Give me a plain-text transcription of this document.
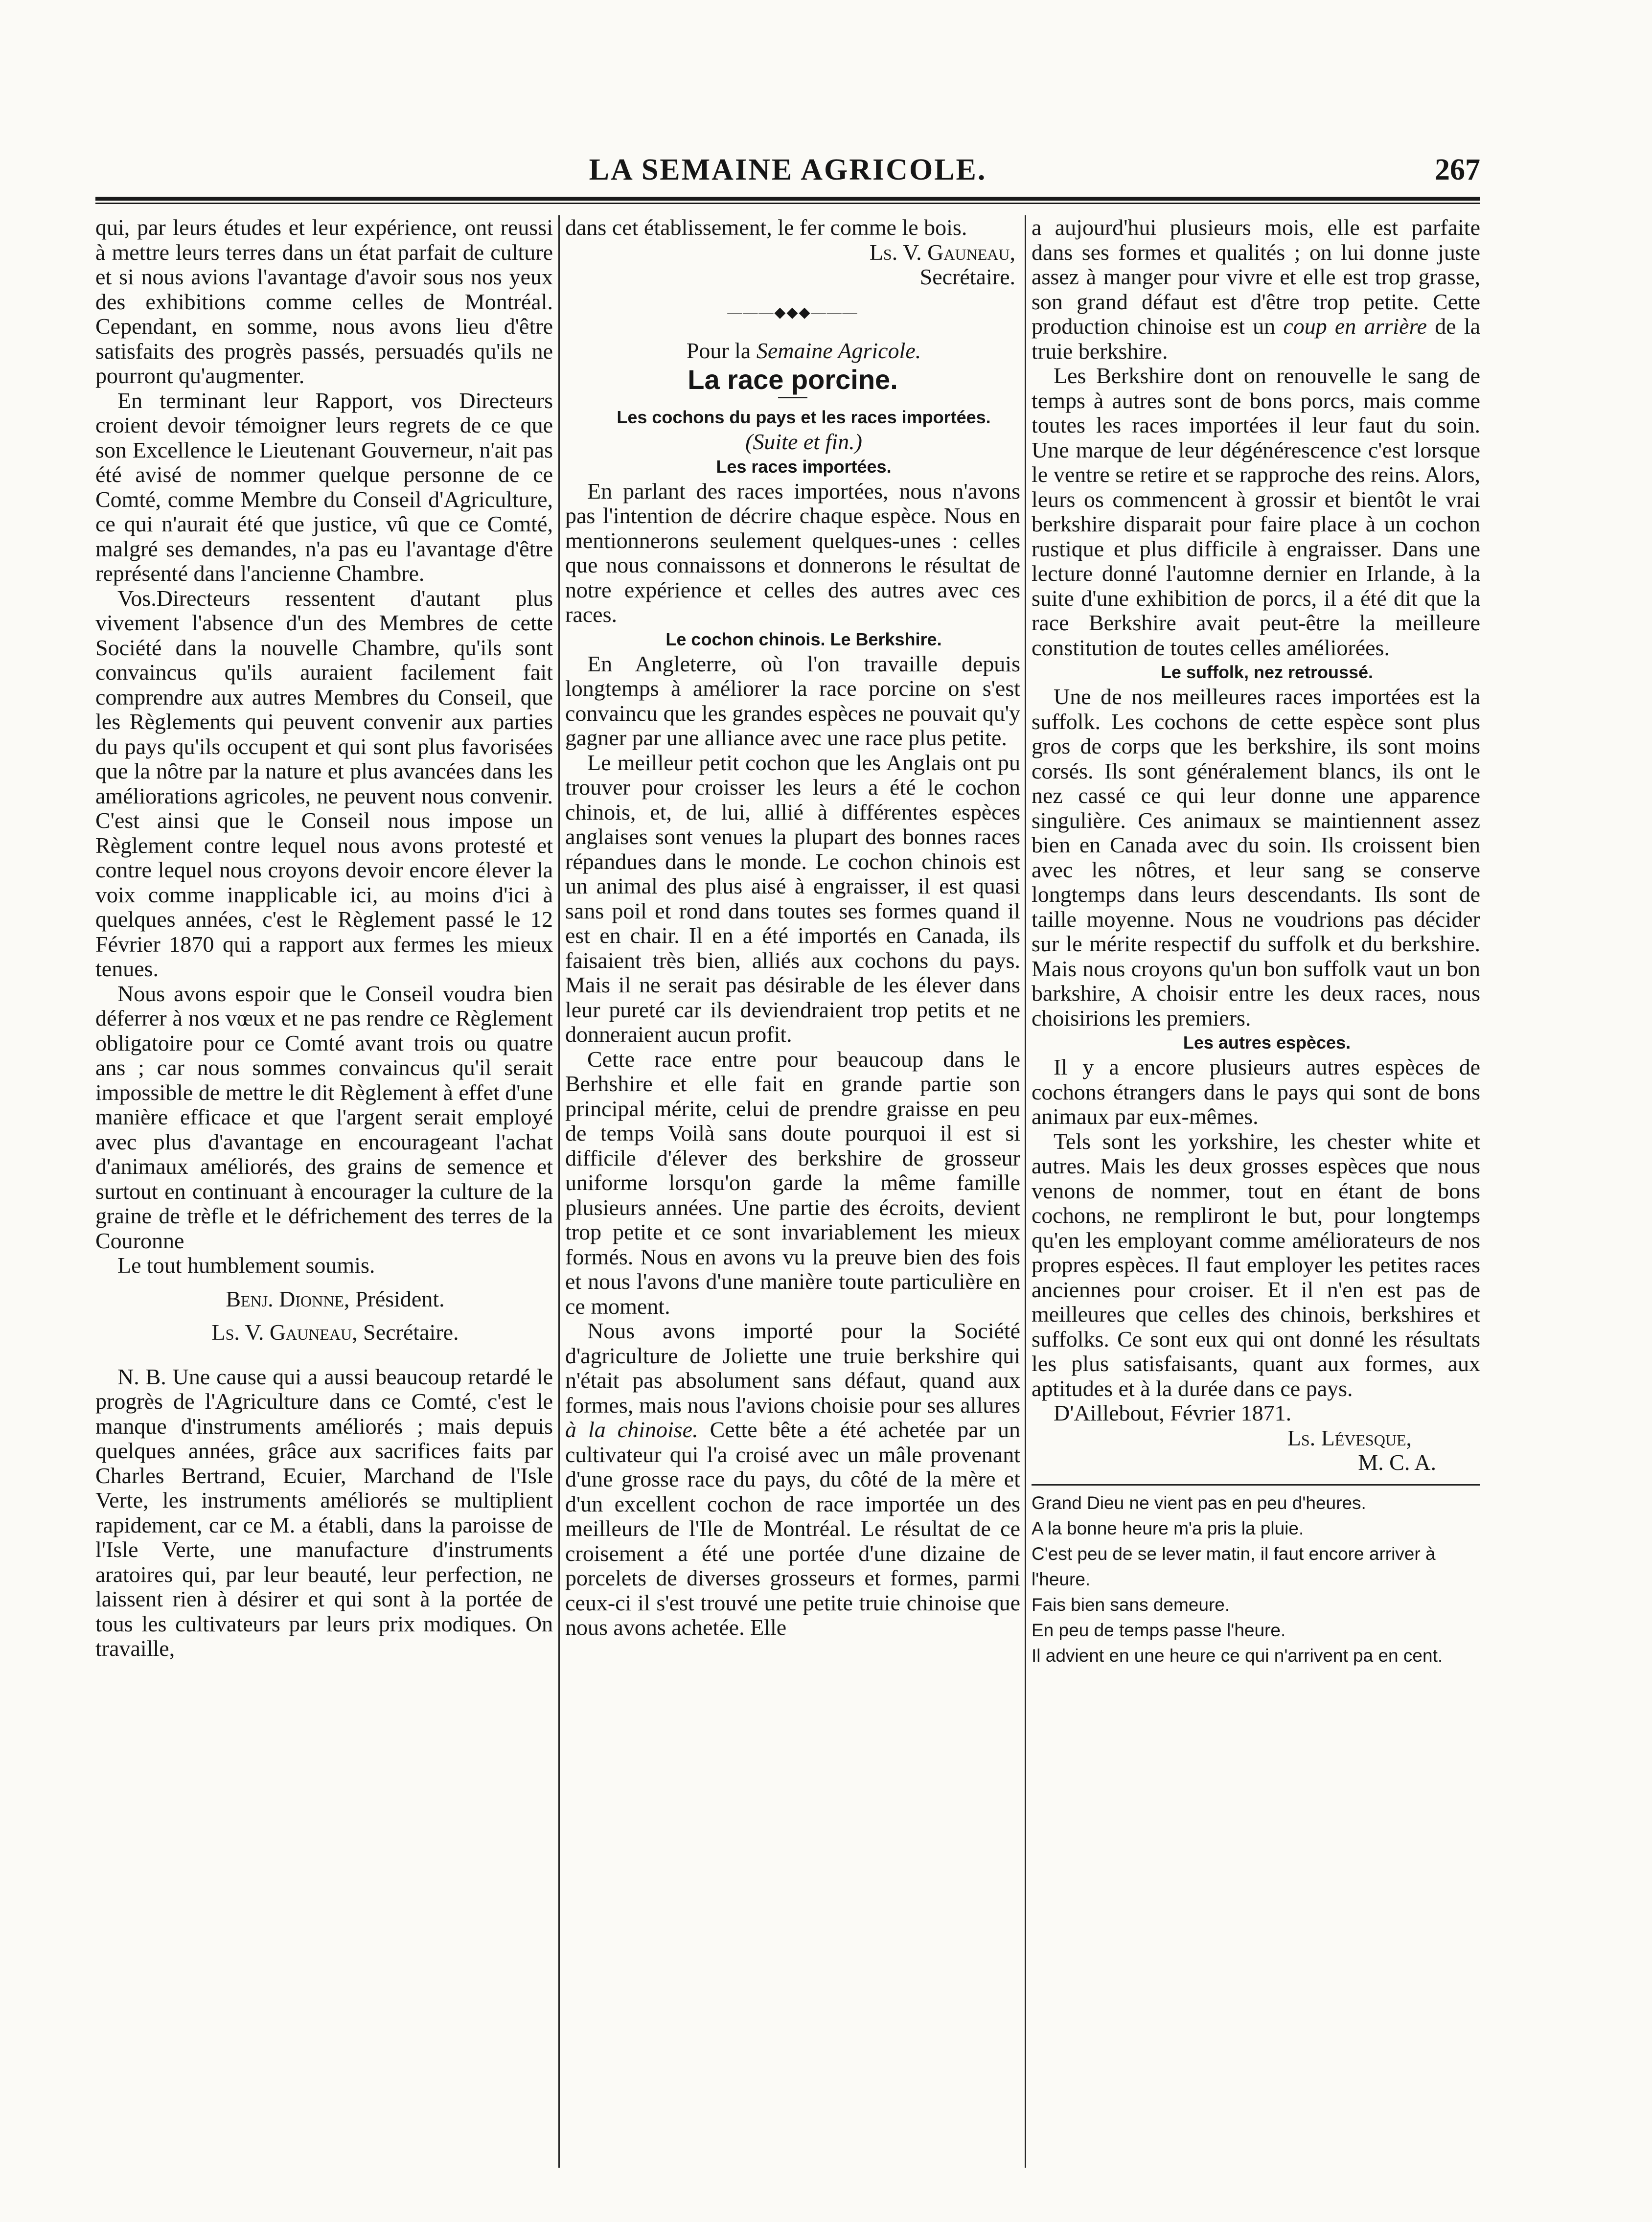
LA SEMAINE AGRICOLE.	267

qui, par leurs études et leur expérience, ont reussi à mettre leurs terres dans un état parfait de culture et si nous avions l'avantage d'avoir sous nos yeux des exhibitions comme celles de Montréal. Cependant, en somme, nous avons lieu d'être satisfaits des progrès passés, persuadés qu'ils ne pourront qu'augmenter.

En terminant leur Rapport, vos Directeurs croient devoir témoigner leurs regrets de ce que son Excellence le Lieutenant Gouverneur, n'ait pas été avisé de nommer quelque personne de ce Comté, comme Membre du Conseil d'Agriculture, ce qui n'aurait été que justice, vû que ce Comté, malgré ses demandes, n'a pas eu l'avantage d'être représenté dans l'ancienne Chambre.

Vos.Directeurs ressentent d'autant plus vivement l'absence d'un des Membres de cette Société dans la nouvelle Chambre, qu'ils sont convaincus qu'ils auraient facilement fait comprendre aux autres Membres du Conseil, que les Règlements qui peuvent convenir aux parties du pays qu'ils occupent et qui sont plus favorisées que la nôtre par la nature et plus avancées dans les améliorations agricoles, ne peuvent nous convenir. C'est ainsi que le Conseil nous impose un Règlement contre lequel nous avons protesté et contre lequel nous croyons devoir encore élever la voix comme inapplicable ici, au moins d'ici à quelques années, c'est le Règlement passé le 12 Février 1870 qui a rapport aux fermes les mieux tenues.

Nous avons espoir que le Conseil voudra bien déferrer à nos vœux et ne pas rendre ce Règlement obligatoire pour ce Comté avant trois ou quatre ans ; car nous sommes convaincus qu'il serait impossible de mettre le dit Règlement à effet d'une manière efficace et que l'argent serait employé avec plus d'avantage en encourageant l'achat d'animaux améliorés, des grains de semence et surtout en continuant à encourager la culture de la graine de trèfle et le défrichement des terres de la Couronne

Le tout humblement soumis.

Benj. Dionne, Président.

Ls. V. Gauneau, Secrétaire.

N. B. Une cause qui a aussi beaucoup retardé le progrès de l'Agriculture dans ce Comté, c'est le manque d'instruments améliorés ; mais depuis quelques années, grâce aux sacrifices faits par Charles Bertrand, Ecuier, Marchand de l'Isle Verte, les instruments améliorés se multiplient rapidement, car ce M. a établi, dans la paroisse de l'Isle Verte, une manufacture d'instruments aratoires qui, par leur beauté, leur perfection, ne laissent rien à désirer et qui sont à la portée de tous les cultivateurs par leurs prix modiques. On travaille,

dans cet établissement, le fer comme le bois.

Ls. V. Gauneau,

Secrétaire.

———◆◆◆———

Pour la Semaine Agricole.

La race porcine.

Les cochons du pays et les races importées.

(Suite et fin.)

Les races importées.

En parlant des races importées, nous n'avons pas l'intention de décrire chaque espèce. Nous en mentionnerons seulement quelques-unes : celles que nous connaissons et donnerons le résultat de notre expérience et celles des autres avec ces races.

Le cochon chinois. Le Berkshire.

En Angleterre, où l'on travaille depuis longtemps à améliorer la race porcine on s'est convaincu que les grandes espèces ne pouvait qu'y gagner par une alliance avec une race plus petite.

Le meilleur petit cochon que les Anglais ont pu trouver pour croisser les leurs a été le cochon chinois, et, de lui, allié à différentes espèces anglaises sont venues la plupart des bonnes races répandues dans le monde. Le cochon chinois est un animal des plus aisé à engraisser, il est quasi sans poil et rond dans toutes ses formes quand il est en chair. Il en a été importés en Canada, ils faisaient très bien, alliés aux cochons du pays. Mais il ne serait pas désirable de les élever dans leur pureté car ils deviendraient trop petits et ne donneraient aucun profit.

Cette race entre pour beaucoup dans le Berhshire et elle fait en grande partie son principal mérite, celui de prendre graisse en peu de temps Voilà sans doute pourquoi il est si difficile d'élever des berkshire de grosseur uniforme lorsqu'on garde la même famille plusieurs années. Une partie des écroits, devient trop petite et ce sont invariablement les mieux formés. Nous en avons vu la preuve bien des fois et nous l'avons d'une manière toute particulière en ce moment.

Nous avons importé pour la Société d'agriculture de Joliette une truie berkshire qui n'était pas absolument sans défaut, quand aux formes, mais nous l'avions choisie pour ses allures à la chinoise. Cette bête a été achetée par un cultivateur qui l'a croisé avec un mâle provenant d'une grosse race du pays, du côté de la mère et d'un excellent cochon de race importée un des meilleurs de l'Ile de Montréal. Le résultat de ce croisement a été une portée d'une dizaine de porcelets de diverses grosseurs et formes, parmi ceux-ci il s'est trouvé une petite truie chinoise que nous avons achetée. Elle

a aujourd'hui plusieurs mois, elle est parfaite dans ses formes et qualités ; on lui donne juste assez à manger pour vivre et elle est trop grasse, son grand défaut est d'être trop petite. Cette production chinoise est un coup en arrière de la truie berkshire.

Les Berkshire dont on renouvelle le sang de temps à autres sont de bons porcs, mais comme toutes les races importées il leur faut du soin. Une marque de leur dégénérescence c'est lorsque le ventre se retire et se rapproche des reins. Alors, leurs os commencent à grossir et bientôt le vrai berkshire disparait pour faire place à un cochon rustique et plus difficile à engraisser. Dans une lecture donné l'automne dernier en Irlande, à la suite d'une exhibition de porcs, il a été dit que la race Berkshire avait peut-être la meilleure constitution de toutes celles améliorées.

Le suffolk, nez retroussé.

Une de nos meilleures races importées est la suffolk. Les cochons de cette espèce sont plus gros de corps que les berkshire, ils sont moins corsés. Ils sont généralement blancs, ils ont le nez cassé ce qui leur donne une apparence singulière. Ces animaux se maintiennent assez bien en Canada avec du soin. Ils croissent bien avec les nôtres, et leur sang se conserve longtemps dans leurs descendants. Ils sont de taille moyenne. Nous ne voudrions pas décider sur le mérite respectif du suffolk et du berkshire. Mais nous croyons qu'un bon suffolk vaut un bon barkshire, A choisir entre les deux races, nous choisirions les premiers.

Les autres espèces.

Il y a encore plusieurs autres espèces de cochons étrangers dans le pays qui sont de bons animaux par eux-mêmes.

Tels sont les yorkshire, les chester white et autres. Mais les deux grosses espèces que nous venons de nommer, tout en étant de bons cochons, ne rempliront le but, pour longtemps qu'en les employant comme améliorateurs de nos propres espèces. Il faut employer les petites races anciennes pour croiser. Et il n'en est pas de meilleures que celles des chinois, berkshires et suffolks. Ce sont eux qui ont donné les résultats les plus satisfaisants, quant aux formes, aux aptitudes et à la durée dans ce pays.

D'Aillebout, Février 1871.

Ls. Lévesque,

M. C. A.

Grand Dieu ne vient pas en peu d'heures.
A la bonne heure m'a pris la pluie.
C'est peu de se lever matin, il faut encore arriver à l'heure.
Fais bien sans demeure.
En peu de temps passe l'heure.
Il advient en une heure ce qui n'arrivent pa en cent.
